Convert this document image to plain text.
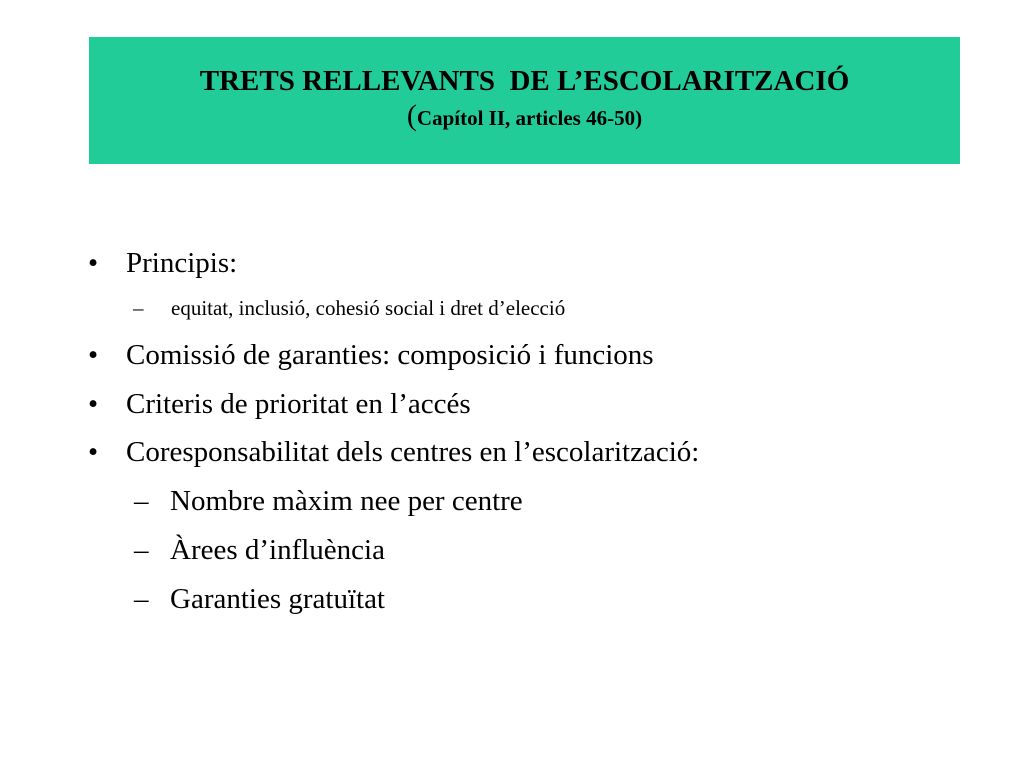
TRETS RELLEVANTS  DE L’ESCOLARITZACIÓ
(Capítol II, articles 46-50)
• Principis:
– equitat, inclusió, cohesió social i dret d’elecció
• Comissió de garanties: composició i funcions
• Criteris de prioritat en l’accés
• Coresponsabilitat dels centres en l’escolarització:
– Nombre màxim nee per centre
– Àrees d’influència
– Garanties gratuïtat
